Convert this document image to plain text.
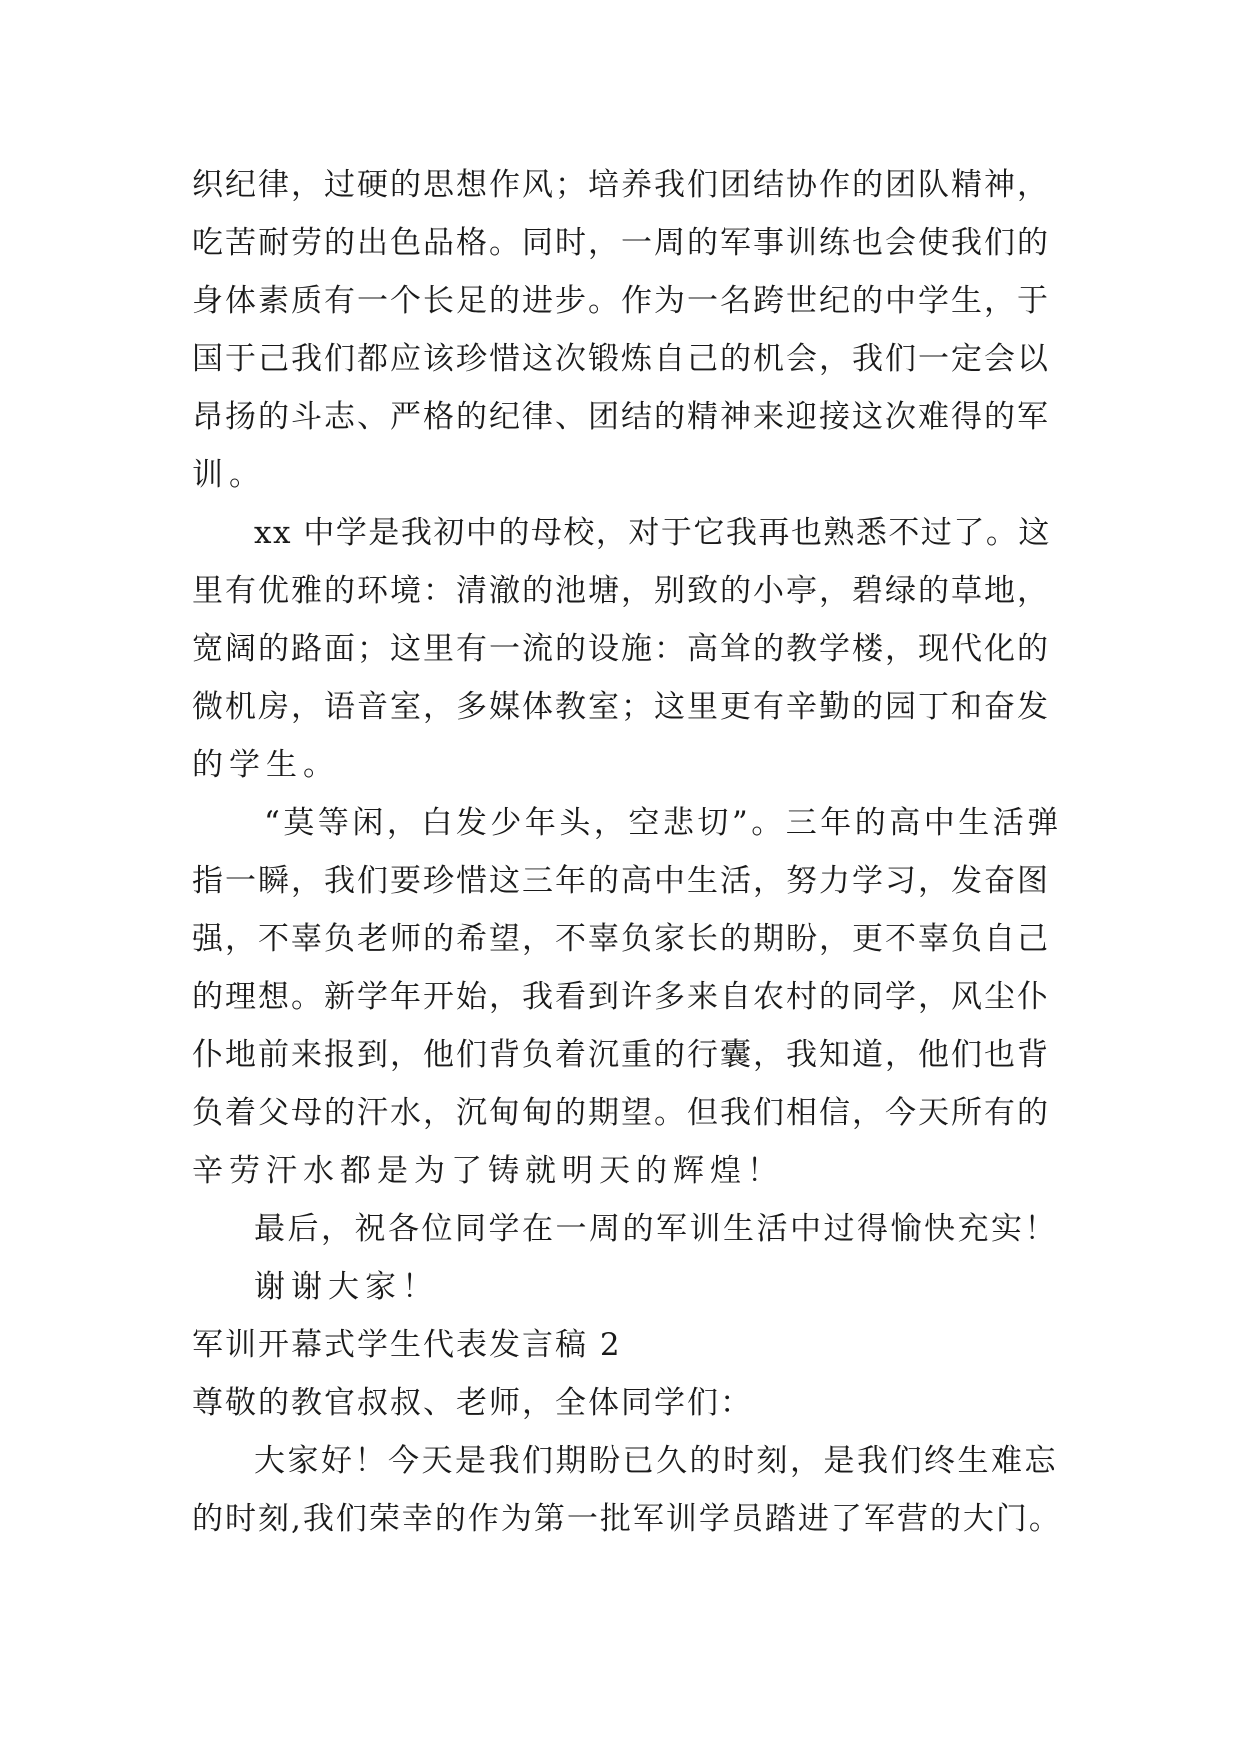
织纪律，过硬的思想作风；培养我们团结协作的团队精神，
吃苦耐劳的出色品格。同时，一周的军事训练也会使我们的
身体素质有一个长足的进步。作为一名跨世纪的中学生，于
国于己我们都应该珍惜这次锻炼自己的机会，我们一定会以
昂扬的斗志、严格的纪律、团结的精神来迎接这次难得的军
训。
xx 中学是我初中的母校，对于它我再也熟悉不过了。这
里有优雅的环境：清澈的池塘，别致的小亭，碧绿的草地，
宽阔的路面；这里有一流的设施：高耸的教学楼，现代化的
微机房，语音室，多媒体教室；这里更有辛勤的园丁和奋发
的学生。
“莫等闲，白发少年头，空悲切”。三年的高中生活弹
指一瞬，我们要珍惜这三年的高中生活，努力学习，发奋图
强，不辜负老师的希望，不辜负家长的期盼，更不辜负自己
的理想。新学年开始，我看到许多来自农村的同学，风尘仆
仆地前来报到，他们背负着沉重的行囊，我知道，他们也背
负着父母的汗水，沉甸甸的期望。但我们相信，今天所有的
辛劳汗水都是为了铸就明天的辉煌！
最后，祝各位同学在一周的军训生活中过得愉快充实！
谢谢大家！
军训开幕式学生代表发言稿 2
尊敬的教官叔叔、老师，全体同学们：
大家好！今天是我们期盼已久的时刻，是我们终生难忘
的时刻,我们荣幸的作为第一批军训学员踏进了军营的大门。
